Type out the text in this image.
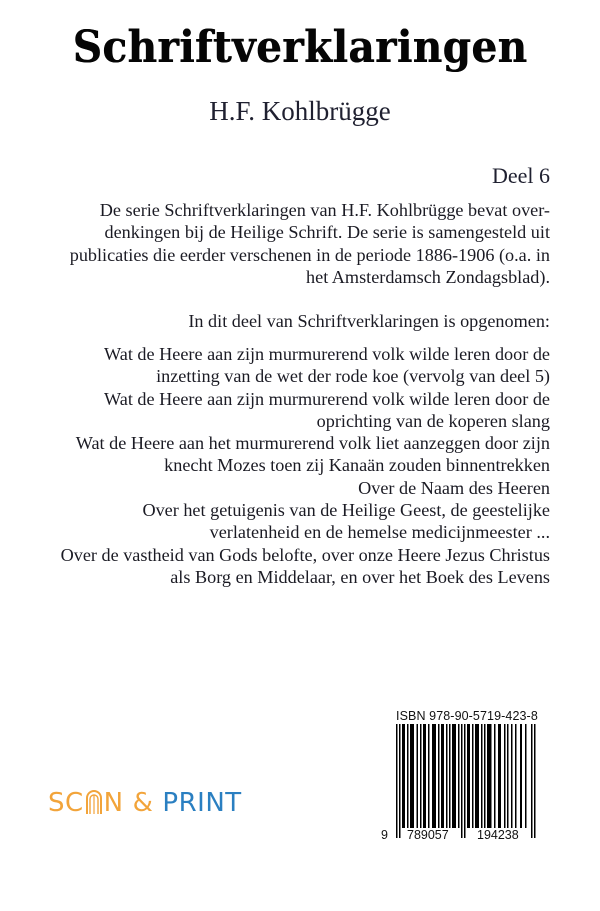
Schriftverklaringen
H.F. Kohlbrügge
Deel 6
De serie Schriftverklaringen van H.F. Kohlbrügge bevat over-
denkingen bij de Heilige Schrift. De serie is samengesteld uit
publicaties die eerder verschenen in de periode 1886-1906 (o.a. in
het Amsterdamsch Zondagsblad).
In dit deel van Schriftverklaringen is opgenomen:
Wat de Heere aan zijn murmurerend volk wilde leren door de
inzetting van de wet der rode koe (vervolg van deel 5)
Wat de Heere aan zijn murmurerend volk wilde leren door de
oprichting van de koperen slang
Wat de Heere aan het murmurerend volk liet aanzeggen door zijn
knecht Mozes toen zij Kanaän zouden binnentrekken
Over de Naam des Heeren
Over het getuigenis van de Heilige Geest, de geestelijke
verlatenheid en de hemelse medicijnmeester ...
Over de vastheid van Gods belofte, over onze Heere Jezus Christus
als Borg en Middelaar, en over het Boek des Levens
SC N & PRINT
ISBN 978-90-5719-423-8
9 789057 194238
